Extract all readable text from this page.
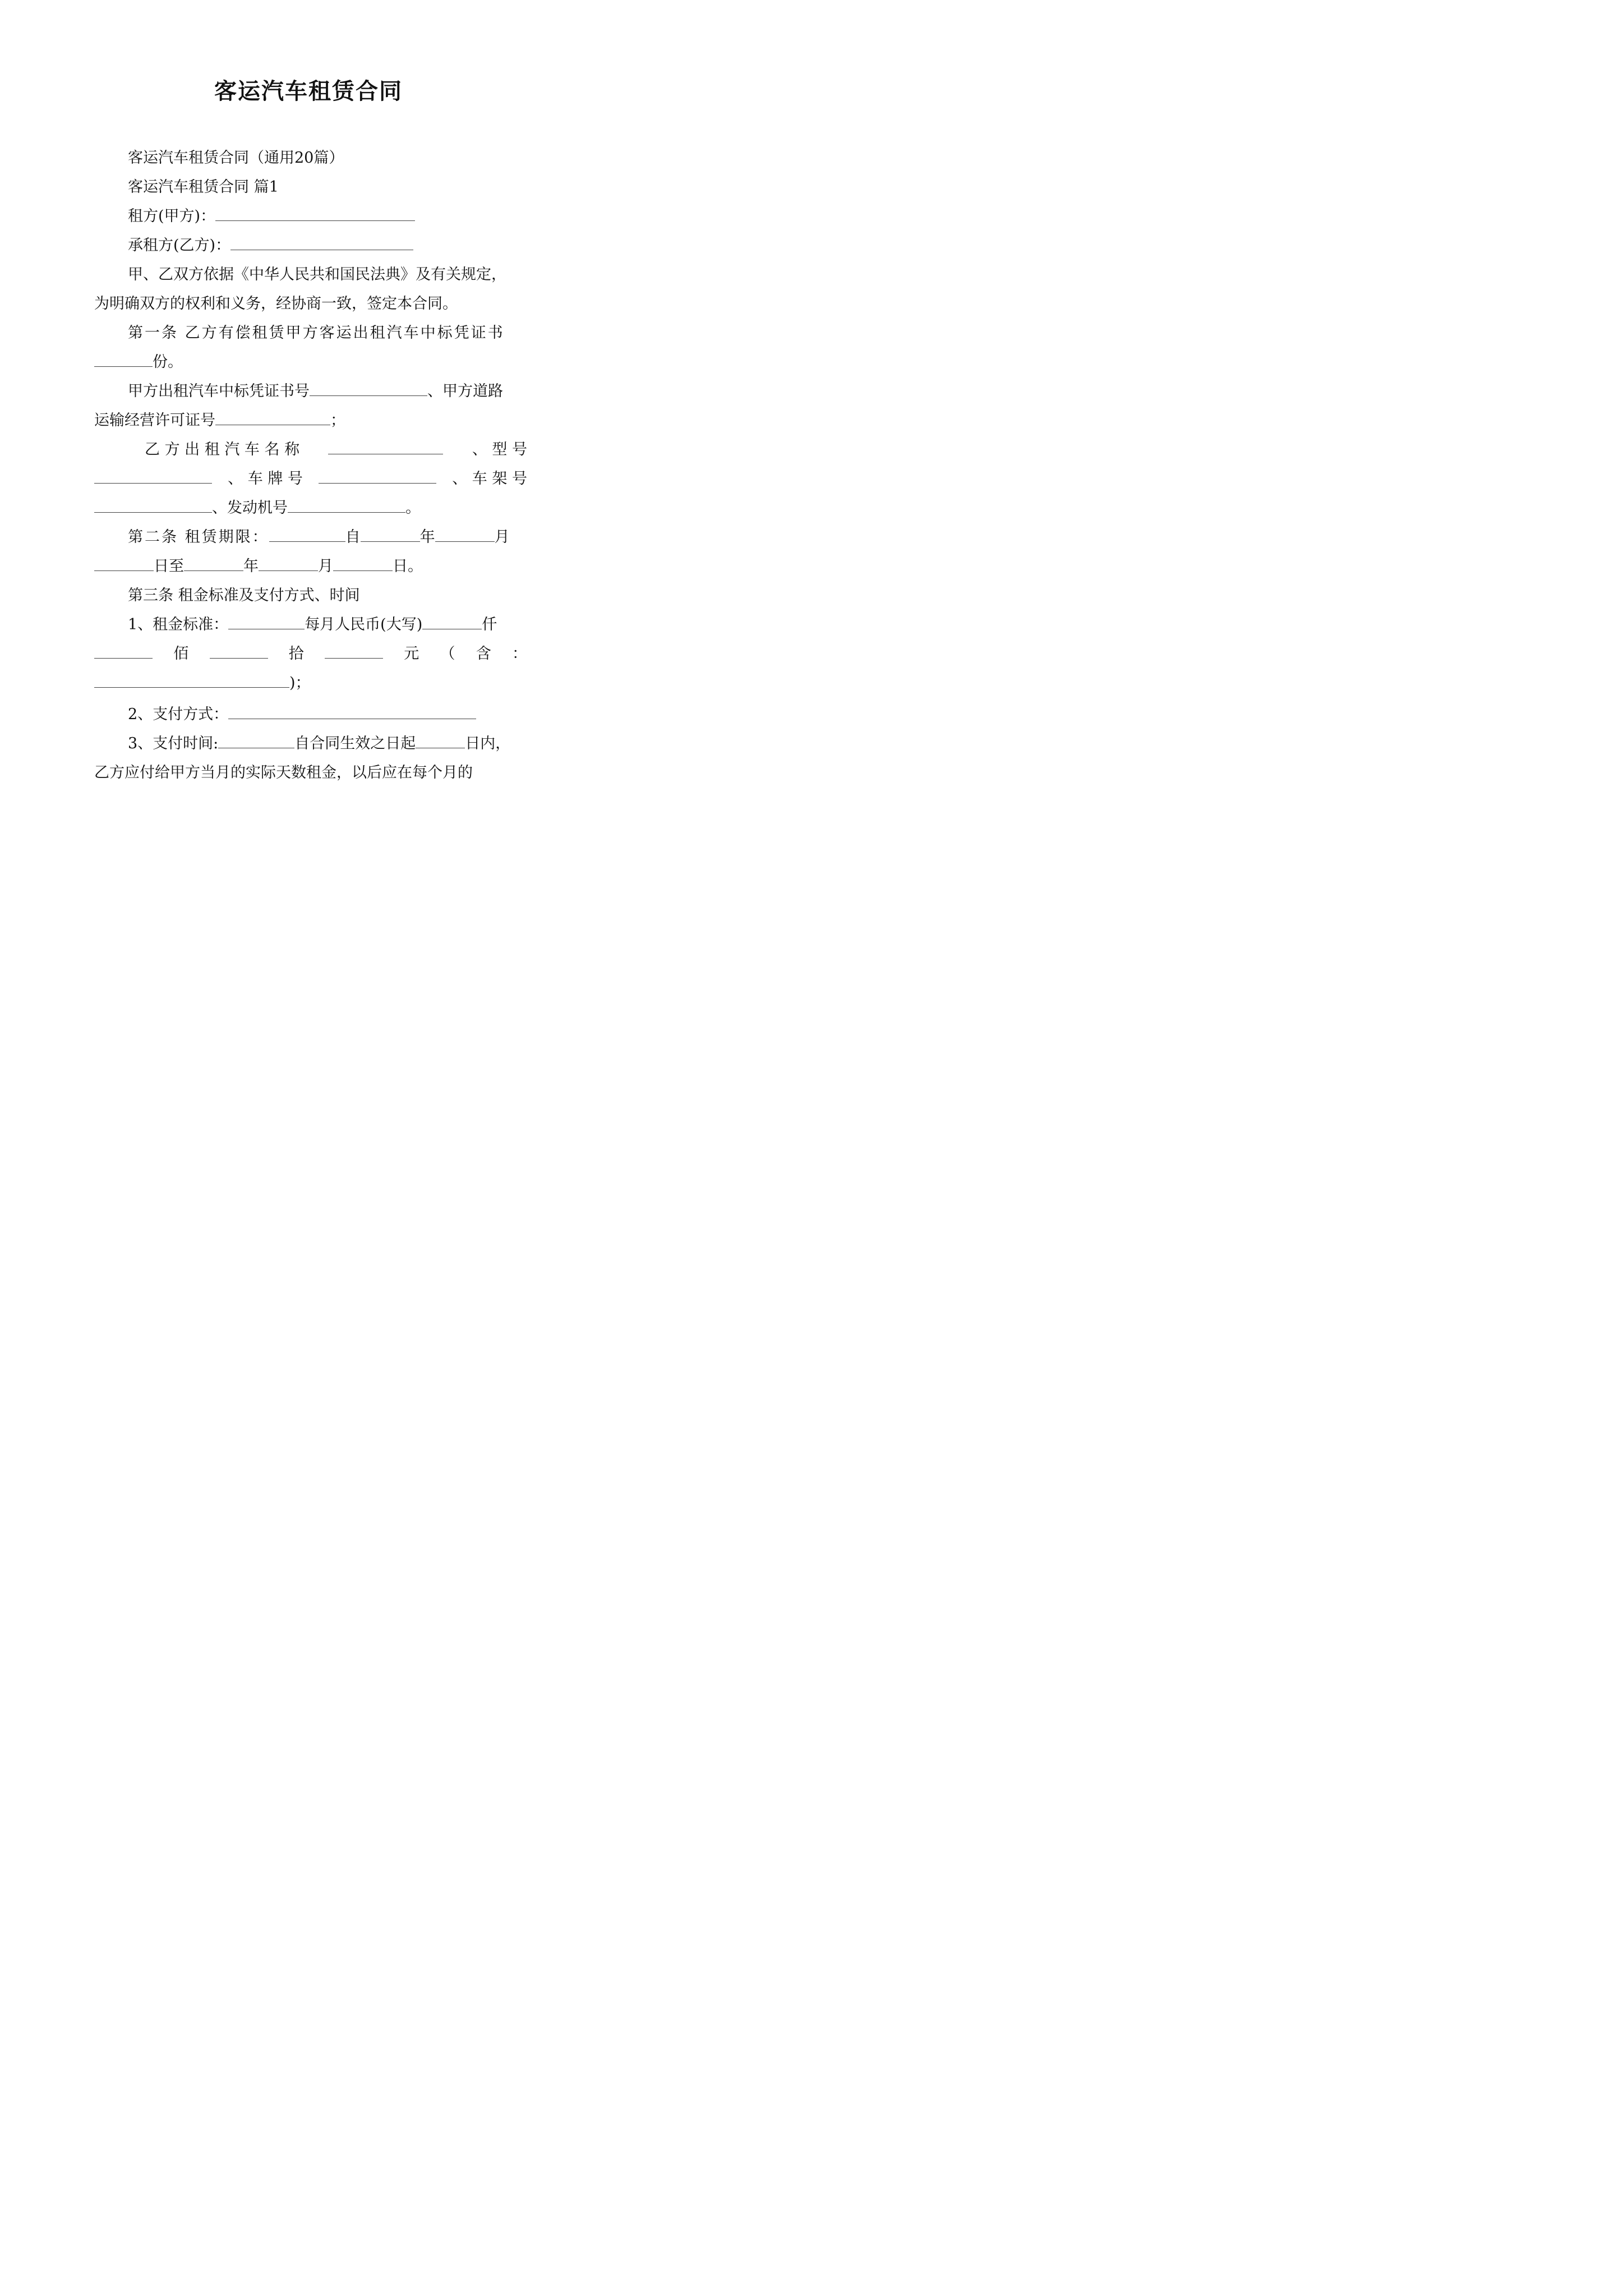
客运汽车租赁合同
客运汽车租赁合同（通用20篇）
客运汽车租赁合同 篇1
租方(甲方)：
承租方(乙方)：
甲、乙双方依据《中华人民共和国民法典》及有关规定，
为明确双方的权利和义务，经协商一致，签定本合同。
第一条 乙方有偿租赁甲方客运出租汽车中标凭证书
份。
甲方出租汽车中标凭证书号	、甲方道路
运输经营许可证号	；
乙 方 出 租 汽 车 名 称	、 型 号
、 车 牌 号	、 车 架 号
、发动机号	。
第二条 租赁期限：	自	年	月
日至	年	月	日。
第三条 租金标准及支付方式、时间
1、租金标准：	每月人民币(大写)	仟
佰	拾	元 （ 含 ：
)；
2、支付方式：
3、支付时间:	自合同生效之日起	日内，
乙方应付给甲方当月的实际天数租金，以后应在每个月的
